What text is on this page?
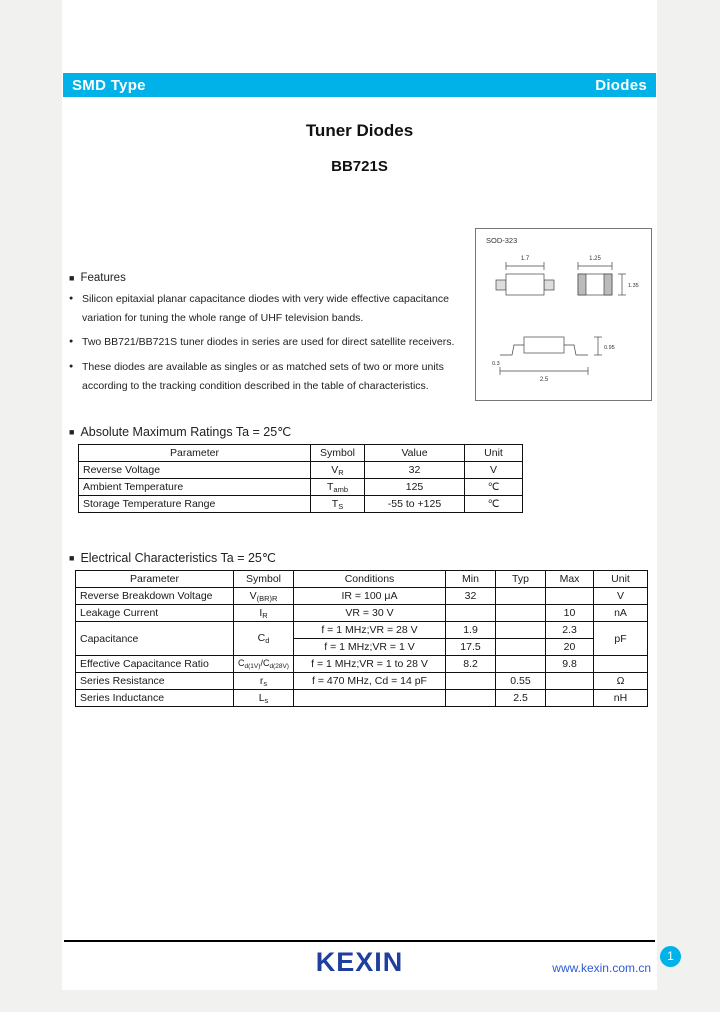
SMD Type	Diodes
Tuner Diodes
BB721S
SOD-323
1.7	1.25
1.35
2.5
0.95
0.3
■ Features
● Silicon epitaxial planar capacitance diodes with very wide effective capacitance variation for tuning the whole range of UHF television bands.
● Two BB721/BB721S tuner diodes in series are used for direct satellite receivers.
● These diodes are available as singles or as matched sets of two or more units according to the tracking condition described in the table of characteristics.
■ Absolute Maximum Ratings Ta = 25℃
Parameter	Symbol	Value	Unit
Reverse Voltage	VR	32	V
Ambient Temperature	Tamb	125	℃
Storage Temperature Range	TS	-55 to +125	℃
■ Electrical Characteristics Ta = 25℃
Parameter	Symbol	Conditions	Min	Typ	Max	Unit
Reverse Breakdown Voltage	V(BR)R	IR = 100 μA	32			V
Leakage Current	IR	VR = 30 V			10	nA
Capacitance	Cd	f = 1 MHz;VR = 28 V	1.9		2.3	pF
		f = 1 MHz;VR = 1 V	17.5		20	
Effective Capacitance Ratio	$C_{d(1V)}/C_{d(28V)}$	f = 1 MHz;VR = 1 to 28 V	8.2		9.8	
Series Resistance	rs	f = 470 MHz, Cd = 14 pF		0.55		Ω
Series Inductance	Ls			2.5		nH
KEXIN	www.kexin.com.cn
1
